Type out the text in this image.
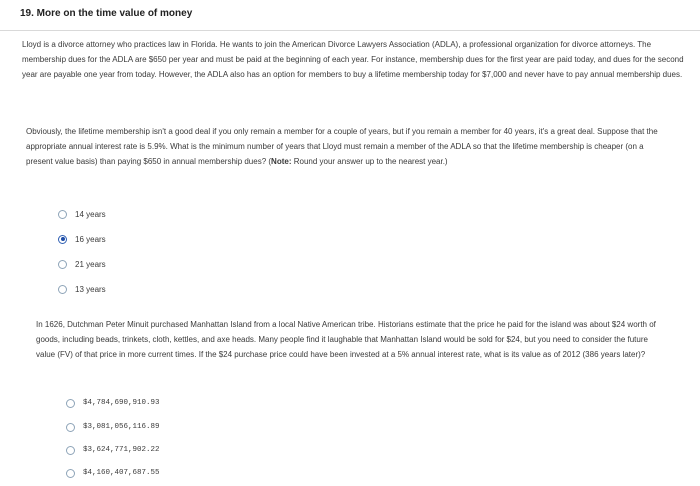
19. More on the time value of money
Lloyd is a divorce attorney who practices law in Florida. He wants to join the American Divorce Lawyers Association (ADLA), a professional organization for divorce attorneys. The membership dues for the ADLA are $650 per year and must be paid at the beginning of each year. For instance, membership dues for the first year are paid today, and dues for the second year are payable one year from today. However, the ADLA also has an option for members to buy a lifetime membership today for $7,000 and never have to pay annual membership dues.
Obviously, the lifetime membership isn't a good deal if you only remain a member for a couple of years, but if you remain a member for 40 years, it's a great deal. Suppose that the appropriate annual interest rate is 5.9%. What is the minimum number of years that Lloyd must remain a member of the ADLA so that the lifetime membership is cheaper (on a present value basis) than paying $650 in annual membership dues? (Note: Round your answer up to the nearest year.)
14 years
16 years
21 years
13 years
In 1626, Dutchman Peter Minuit purchased Manhattan Island from a local Native American tribe. Historians estimate that the price he paid for the island was about $24 worth of goods, including beads, trinkets, cloth, kettles, and axe heads. Many people find it laughable that Manhattan Island would be sold for $24, but you need to consider the future value (FV) of that price in more current times. If the $24 purchase price could have been invested at a 5% annual interest rate, what is its value as of 2012 (386 years later)?
$4,784,690,910.93
$3,081,056,116.89
$3,624,771,902.22
$4,160,407,687.55
